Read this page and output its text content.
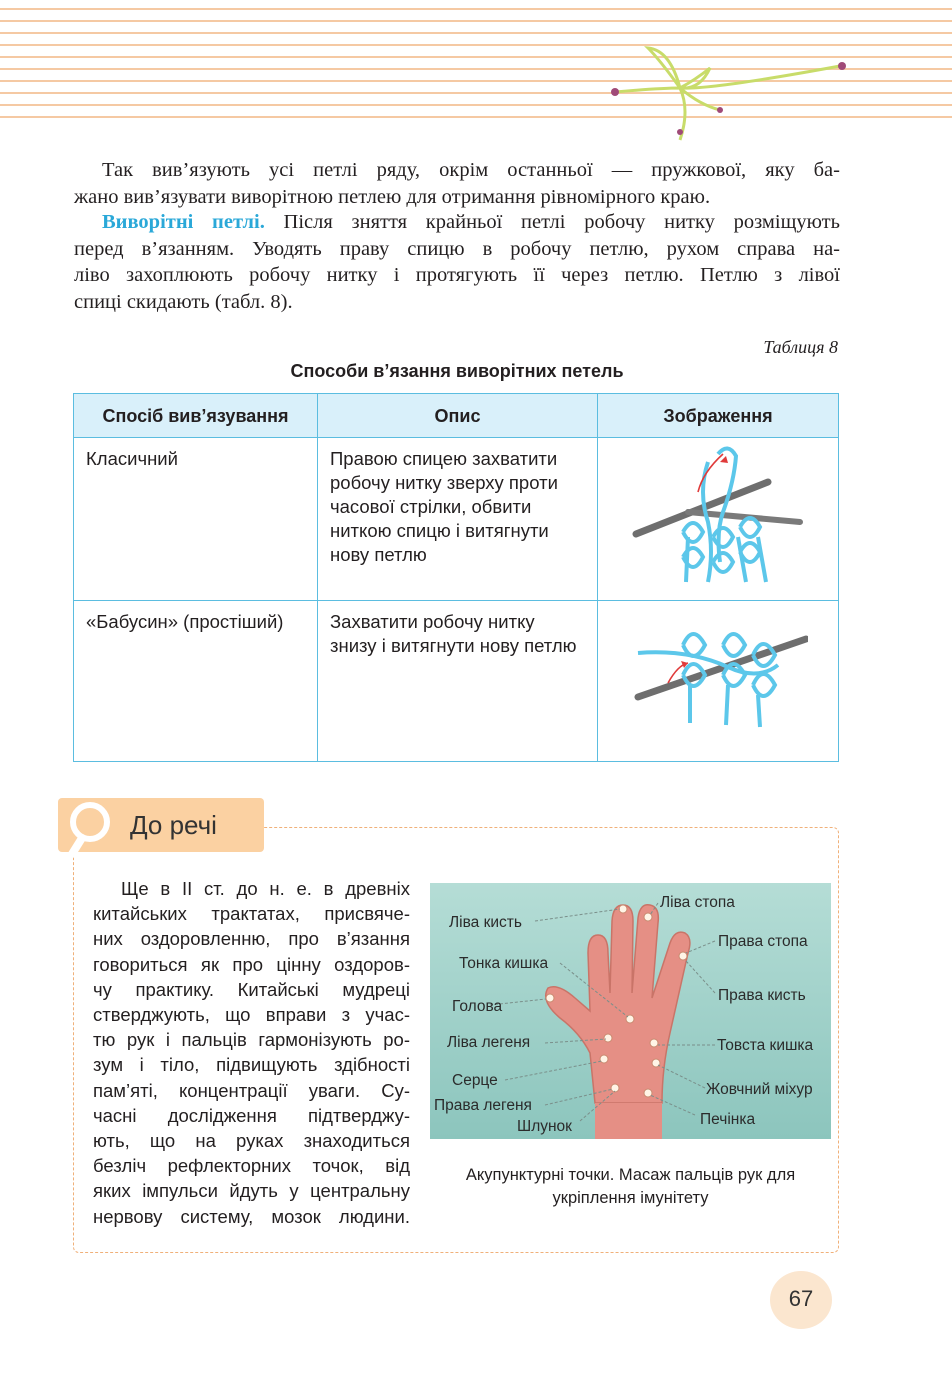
Так вив’язують усі петлі ряду, окрім останньої — пружкової, яку ба-
жано вив’язувати виворітною петлею для отримання рівномірного краю.
Виворітні петлі. Після зняття крайньої петлі робочу нитку розміщують
перед в’язанням. Уводять праву спицю в робочу петлю, рухом справа на-
ліво захоплюють робочу нитку і протягують її через петлю. Петлю з лівої
спиці скидають (табл. 8).
Таблиця 8
Способи в’язання виворітних петель
Спосіб вив’язування	Опис	Зображення
Класичний	Правою спицею захватити робочу нитку зверху проти часової стрілки, обвити ниткою спицю і витягнути нову петлю	

«Бабусин» (простіший)	Захватити робочу нитку знизу і витягнути нову петлю	
До речі
Ще в II ст. до н. е. в древніх
китайських трактатах, присвяче-
них оздоровленню, про в’язання
говориться як про цінну оздоров-
чу практику. Китайські мудреці
стверджують, що вправи з учас-
тю рук і пальців гармонізують ро-
зум і тіло, підвищують здібності
пам’яті, концентрації уваги. Су-
часні дослідження підтверджу-
ють, що на руках знаходиться
безліч рефлекторних точок, від
яких імпульси йдуть у центральну
нервову систему, мозок людини.
Ліва кисть
Ліва стопа
Права стопа
Тонка кишка
Права кисть
Голова
Ліва легеня	Товста кишка
Серце
Жовчний міхур
Права легеня
Печінка
Шлунок
Акупунктурні точки. Масаж пальців рук для укріплення імунітету
67
